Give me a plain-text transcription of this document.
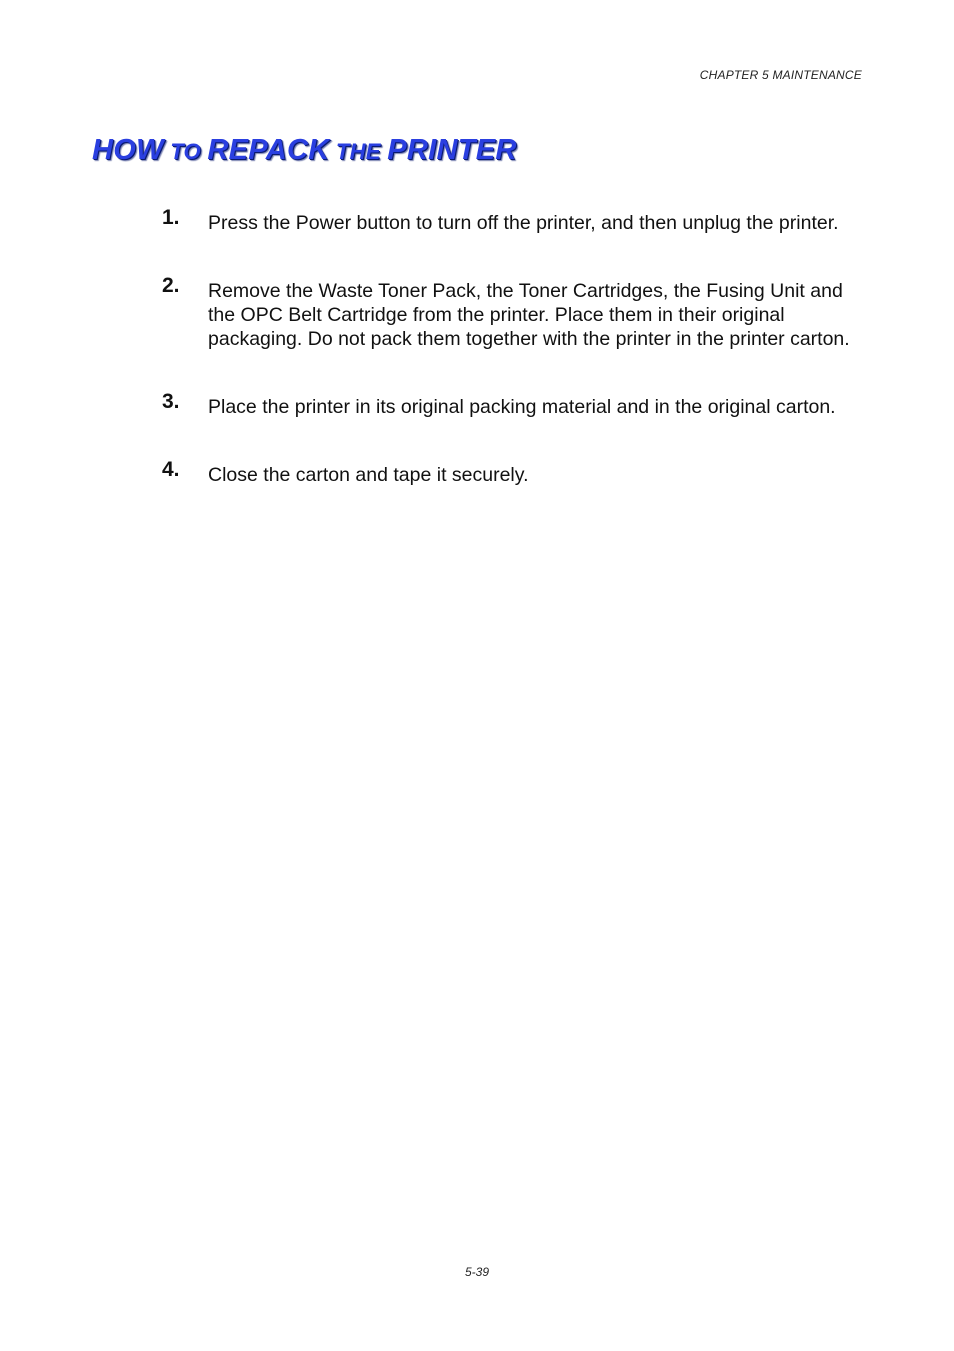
CHAPTER 5 MAINTENANCE
HOW TO REPACK THE PRINTER
1. Press the Power button to turn off the printer, and then unplug the printer.
2. Remove the Waste Toner Pack, the Toner Cartridges, the Fusing Unit and the OPC Belt Cartridge from the printer. Place them in their original packaging. Do not pack them together with the printer in the printer carton.
3. Place the printer in its original packing material and in the original carton.
4. Close the carton and tape it securely.
5-39
